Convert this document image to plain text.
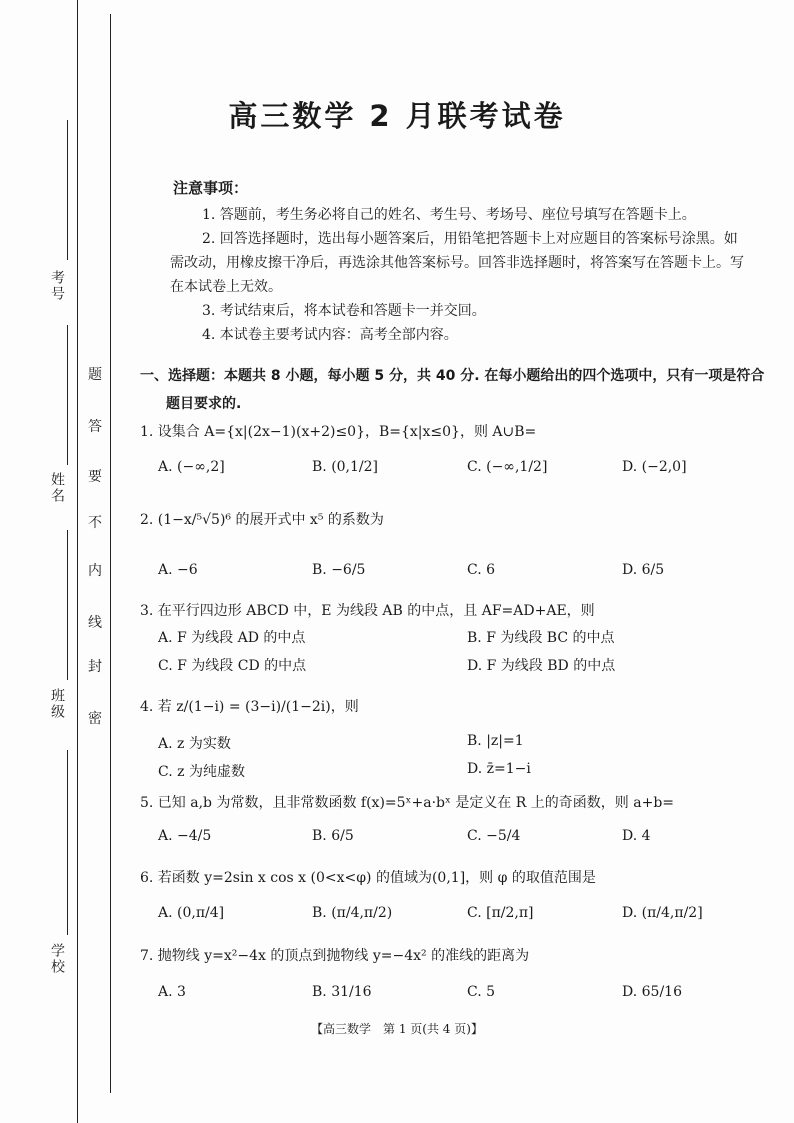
考号
姓名
班级
学校
题
答
要
不
内
线
封
密
高三数学 2 月联考试卷
注意事项：

1. 答题前，考生务必将自己的姓名、考生号、考场号、座位号填写在答题卡上。

2. 回答选择题时，选出每小题答案后，用铅笔把答题卡上对应题目的答案标号涂黑。如需改动，用橡皮擦干净后，再选涂其他答案标号。回答非选择题时，将答案写在答题卡上。写在本试卷上无效。

3. 考试结束后，将本试卷和答题卡一并交回。

4. 本试卷主要考试内容：高考全部内容。

一、选择题：本题共 8 小题，每小题 5 分，共 40 分. 在每小题给出的四个选项中，只有一项是符合
题目要求的.
1. 设集合 A={x|(2x−1)(x+2)≤0}，B={x|x≤0}，则 A∪B=
A. (−∞,2]	B. (0,1/2]	C. (−∞,1/2]	D. (−2,0]
2. (1−x/⁵√5)⁶ 的展开式中 x⁵ 的系数为
A. −6	B. −6/5	C. 6	D. 6/5
3. 在平行四边形 ABCD 中，E 为线段 AB 的中点，且 AF=AD+AE，则
A. F 为线段 AD 的中点	B. F 为线段 BC 的中点
C. F 为线段 CD 的中点	D. F 为线段 BD 的中点
4. 若 z/(1−i) = (3−i)/(1−2i)，则
A. z 为实数	B. |z|=1
C. z 为纯虚数	D. z̄=1−i
5. 已知 a,b 为常数，且非常数函数 f(x)=5ˣ+a·bˣ 是定义在 R 上的奇函数，则 a+b=
A. −4/5	B. 6/5	C. −5/4	D. 4
6. 若函数 y=2sin x cos x (0<x<φ) 的值域为(0,1]，则 φ 的取值范围是
A. (0,π/4]	B. (π/4,π/2)	C. [π/2,π]	D. (π/4,π/2]
7. 抛物线 y=x²−4x 的顶点到抛物线 y=−4x² 的准线的距离为
A. 3	B. 31/16	C. 5	D. 65/16
【高三数学　第 1 页(共 4 页)】
